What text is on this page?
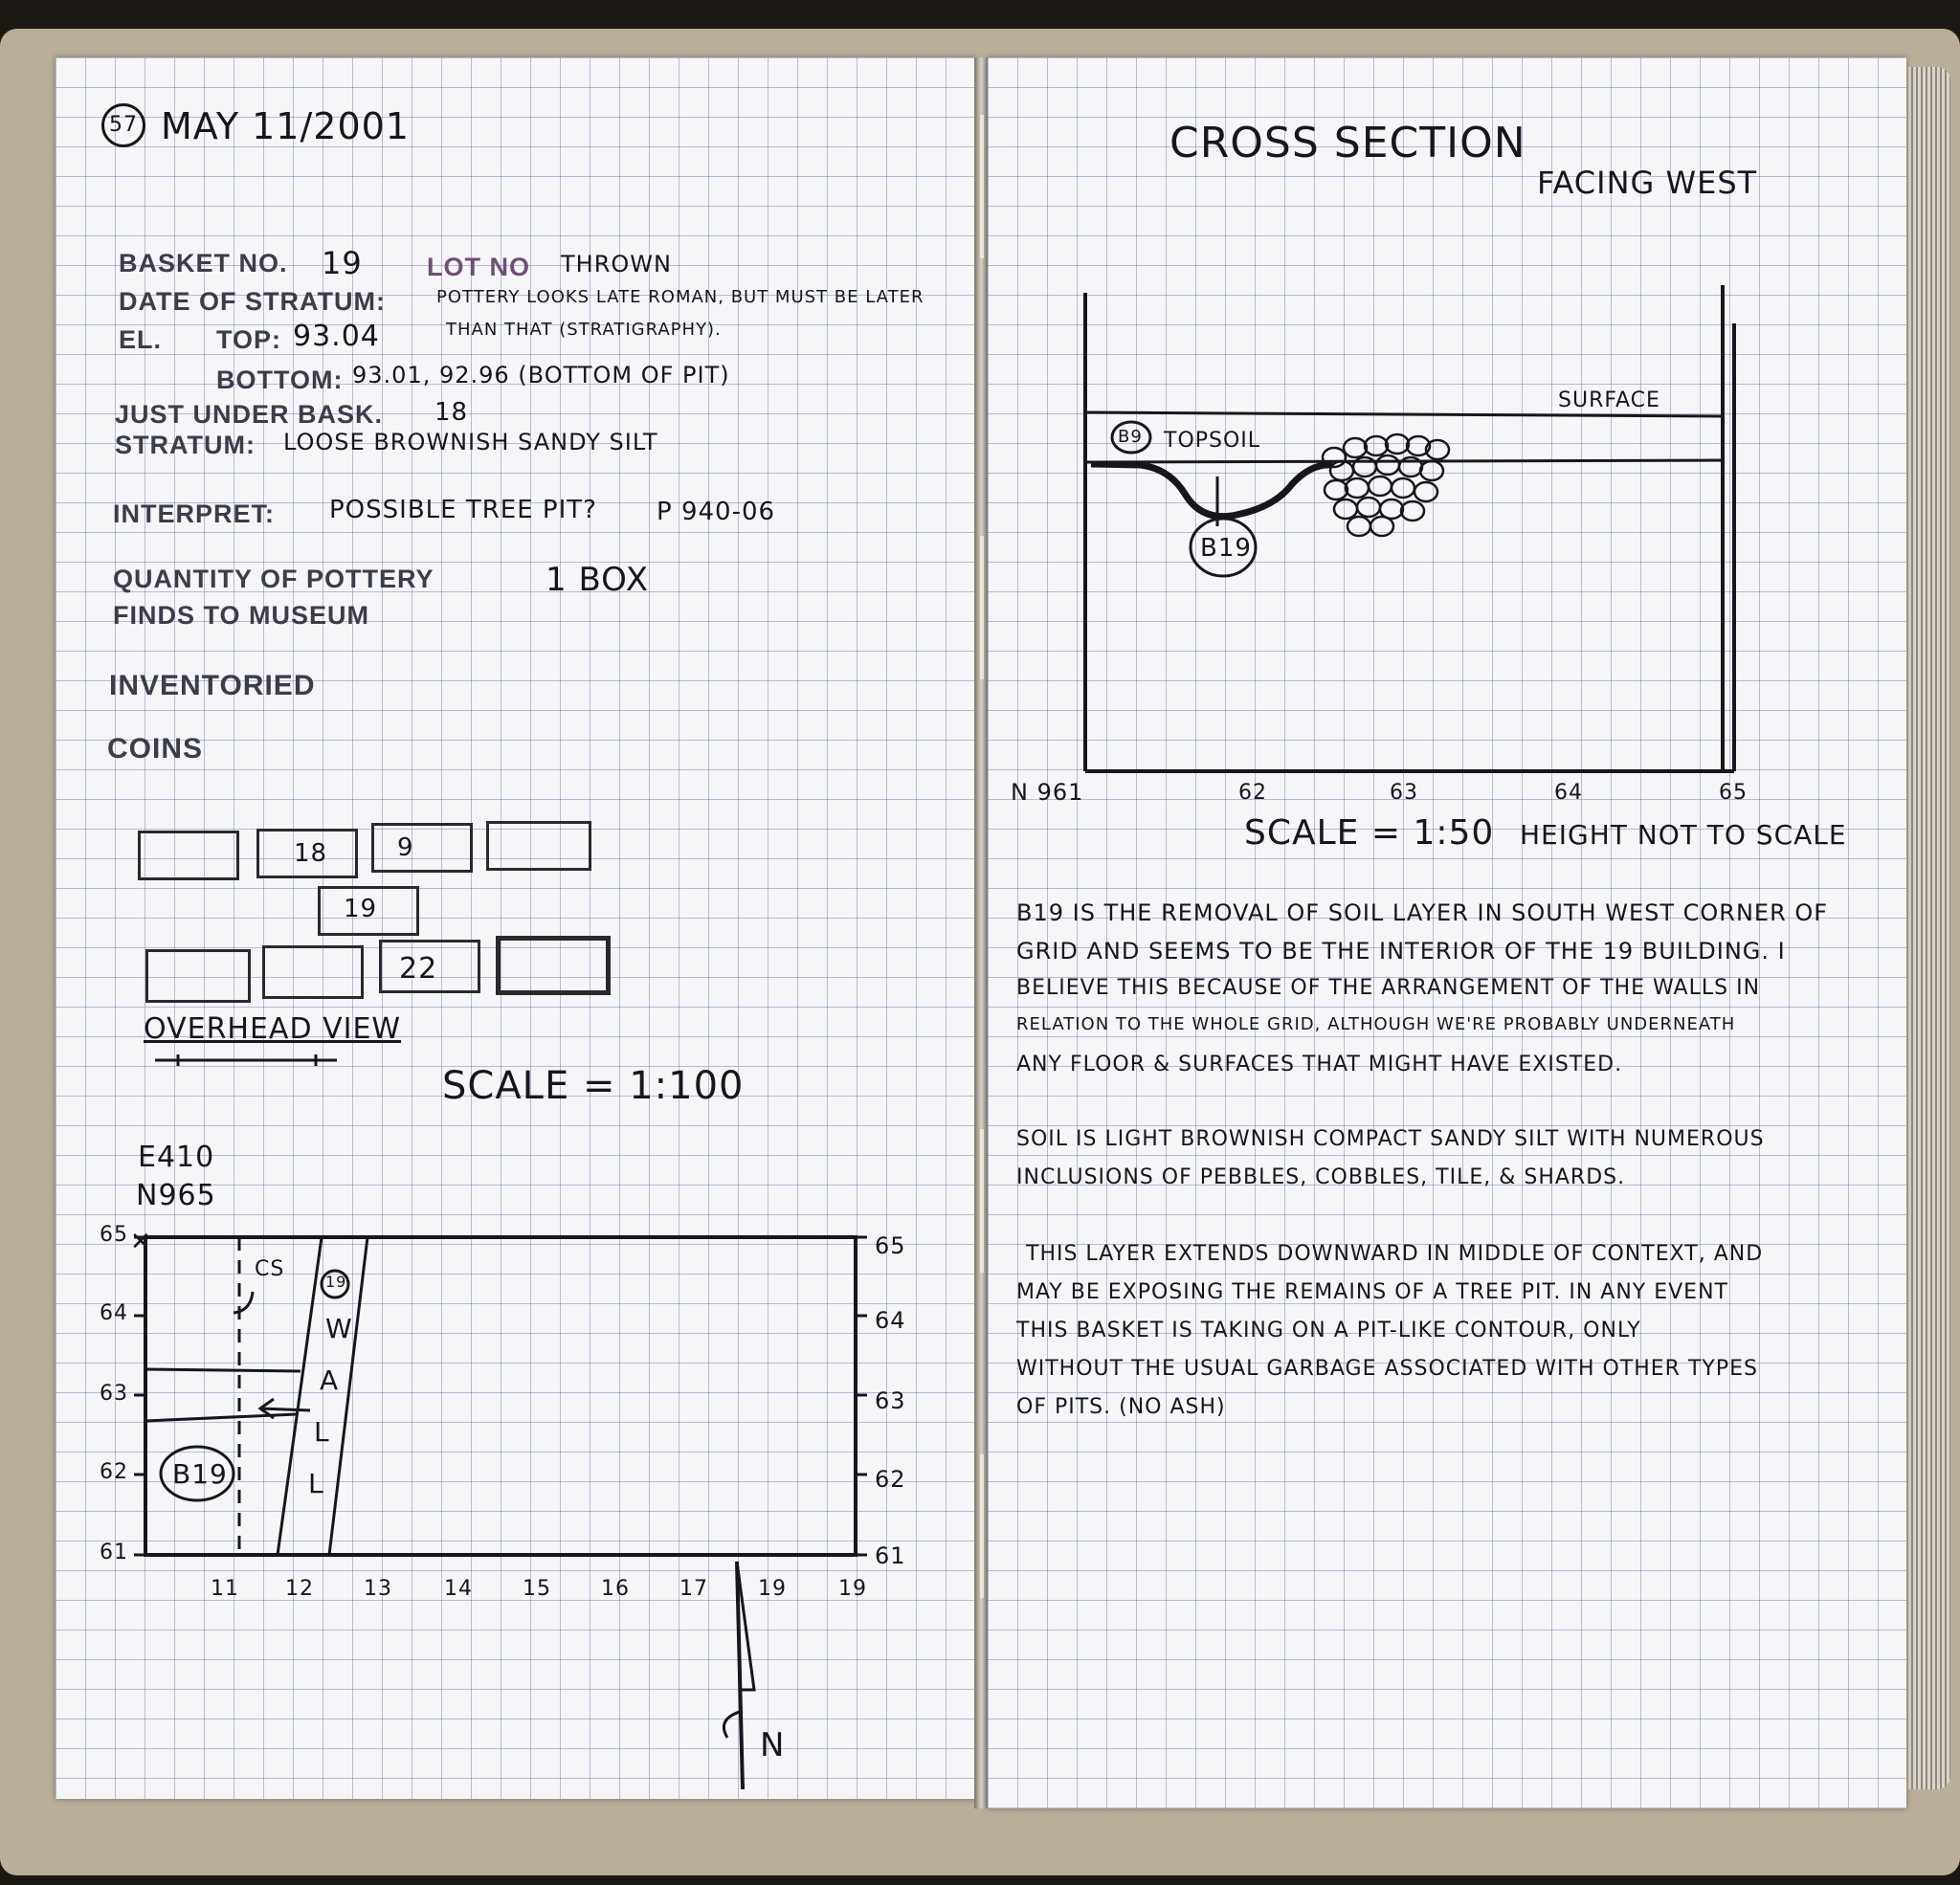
57 MAY 11/2001
BASKET NO. 19 LOT NO THROWN
DATE OF STRATUM:	POTTERY LOOKS LATE ROMAN, BUT MUST BE LATER
THAN THAT (STRATIGRAPHY).
EL. TOP: 93.04
BOTTOM: 93.01, 92.96 (BOTTOM OF PIT)
JUST UNDER BASK. 18
STRATUM: LOOSE BROWNISH SANDY SILT
INTERPRET: POSSIBLE TREE PIT? P 940-06
QUANTITY OF POTTERY	1 BOX
FINDS TO MUSEUM
INVENTORIED
COINS
18	9
19
22
OVERHEAD VIEW
SCALE = 1:100
E410
N965
✕
65
64
63
62
61
65
64
63
62
61
11 12 13 14 15 16 17 19 19
CS
19
W
A
L
L
B19
N
CROSS SECTION
FACING WEST
SURFACE
B9 TOPSOIL
B19
N 961	62	63	64	65
SCALE = 1:50 HEIGHT NOT TO SCALE
B19 IS THE REMOVAL OF SOIL LAYER IN SOUTH WEST CORNER OF
GRID AND SEEMS TO BE THE INTERIOR OF THE 19 BUILDING. I
BELIEVE THIS BECAUSE OF THE ARRANGEMENT OF THE WALLS IN
RELATION TO THE WHOLE GRID, ALTHOUGH WE'RE PROBABLY UNDERNEATH
ANY FLOOR & SURFACES THAT MIGHT HAVE EXISTED.
SOIL IS LIGHT BROWNISH COMPACT SANDY SILT WITH NUMEROUS
INCLUSIONS OF PEBBLES, COBBLES, TILE, & SHARDS.
THIS LAYER EXTENDS DOWNWARD IN MIDDLE OF CONTEXT, AND
MAY BE EXPOSING THE REMAINS OF A TREE PIT. IN ANY EVENT
THIS BASKET IS TAKING ON A PIT-LIKE CONTOUR, ONLY
WITHOUT THE USUAL GARBAGE ASSOCIATED WITH OTHER TYPES
OF PITS. (NO ASH)
